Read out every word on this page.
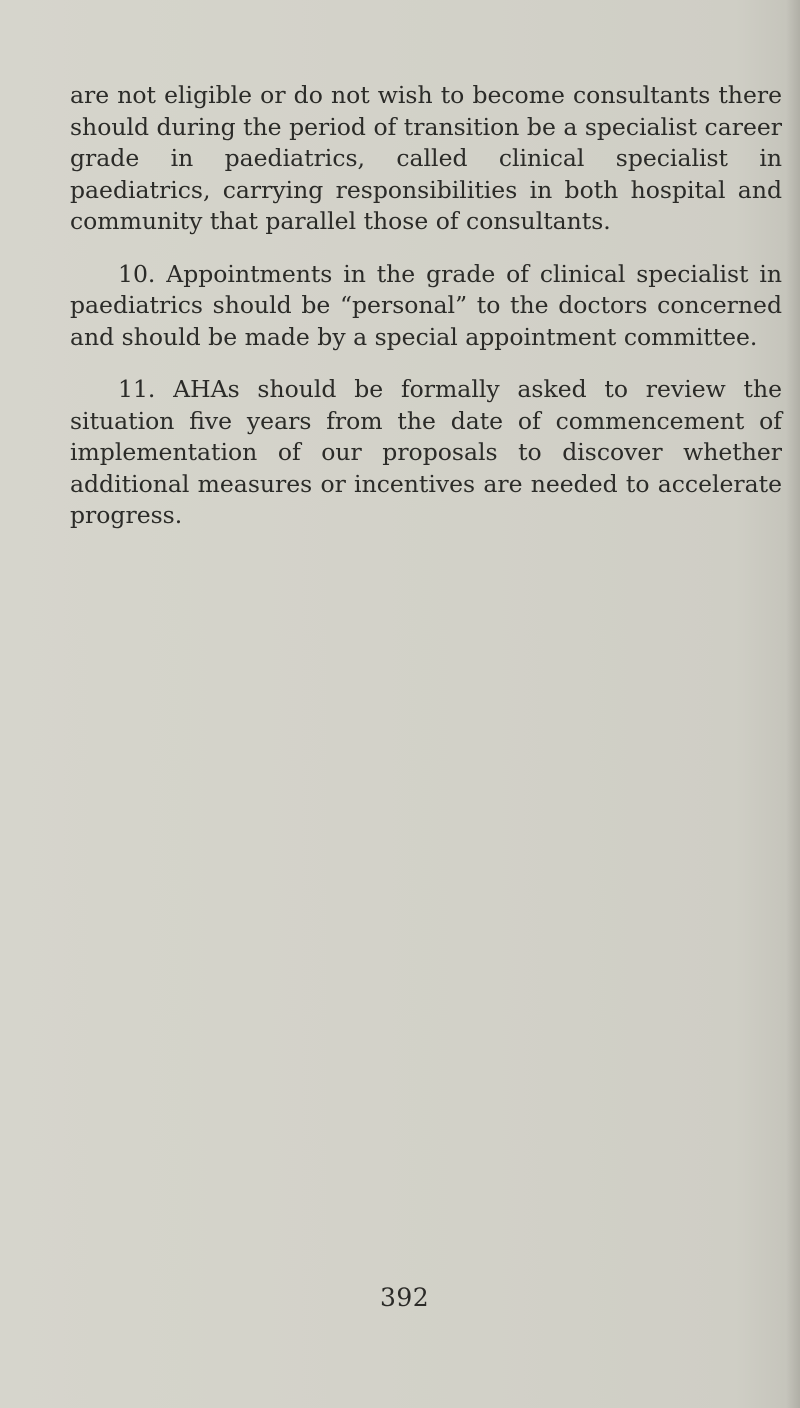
are not eligible or do not wish to become consultants there should during the period of transition be a specialist career grade in paediatrics, called clinical specialist in paediatrics, carrying responsibilities in both hospital and community that parallel those of consultants.

10. Appointments in the grade of clinical specialist in paediatrics should be “personal” to the doctors concerned and should be made by a special appointment committee.

11. AHAs should be formally asked to review the situation five years from the date of commencement of implementation of our proposals to discover whether additional measures or incentives are needed to accelerate progress.

392
